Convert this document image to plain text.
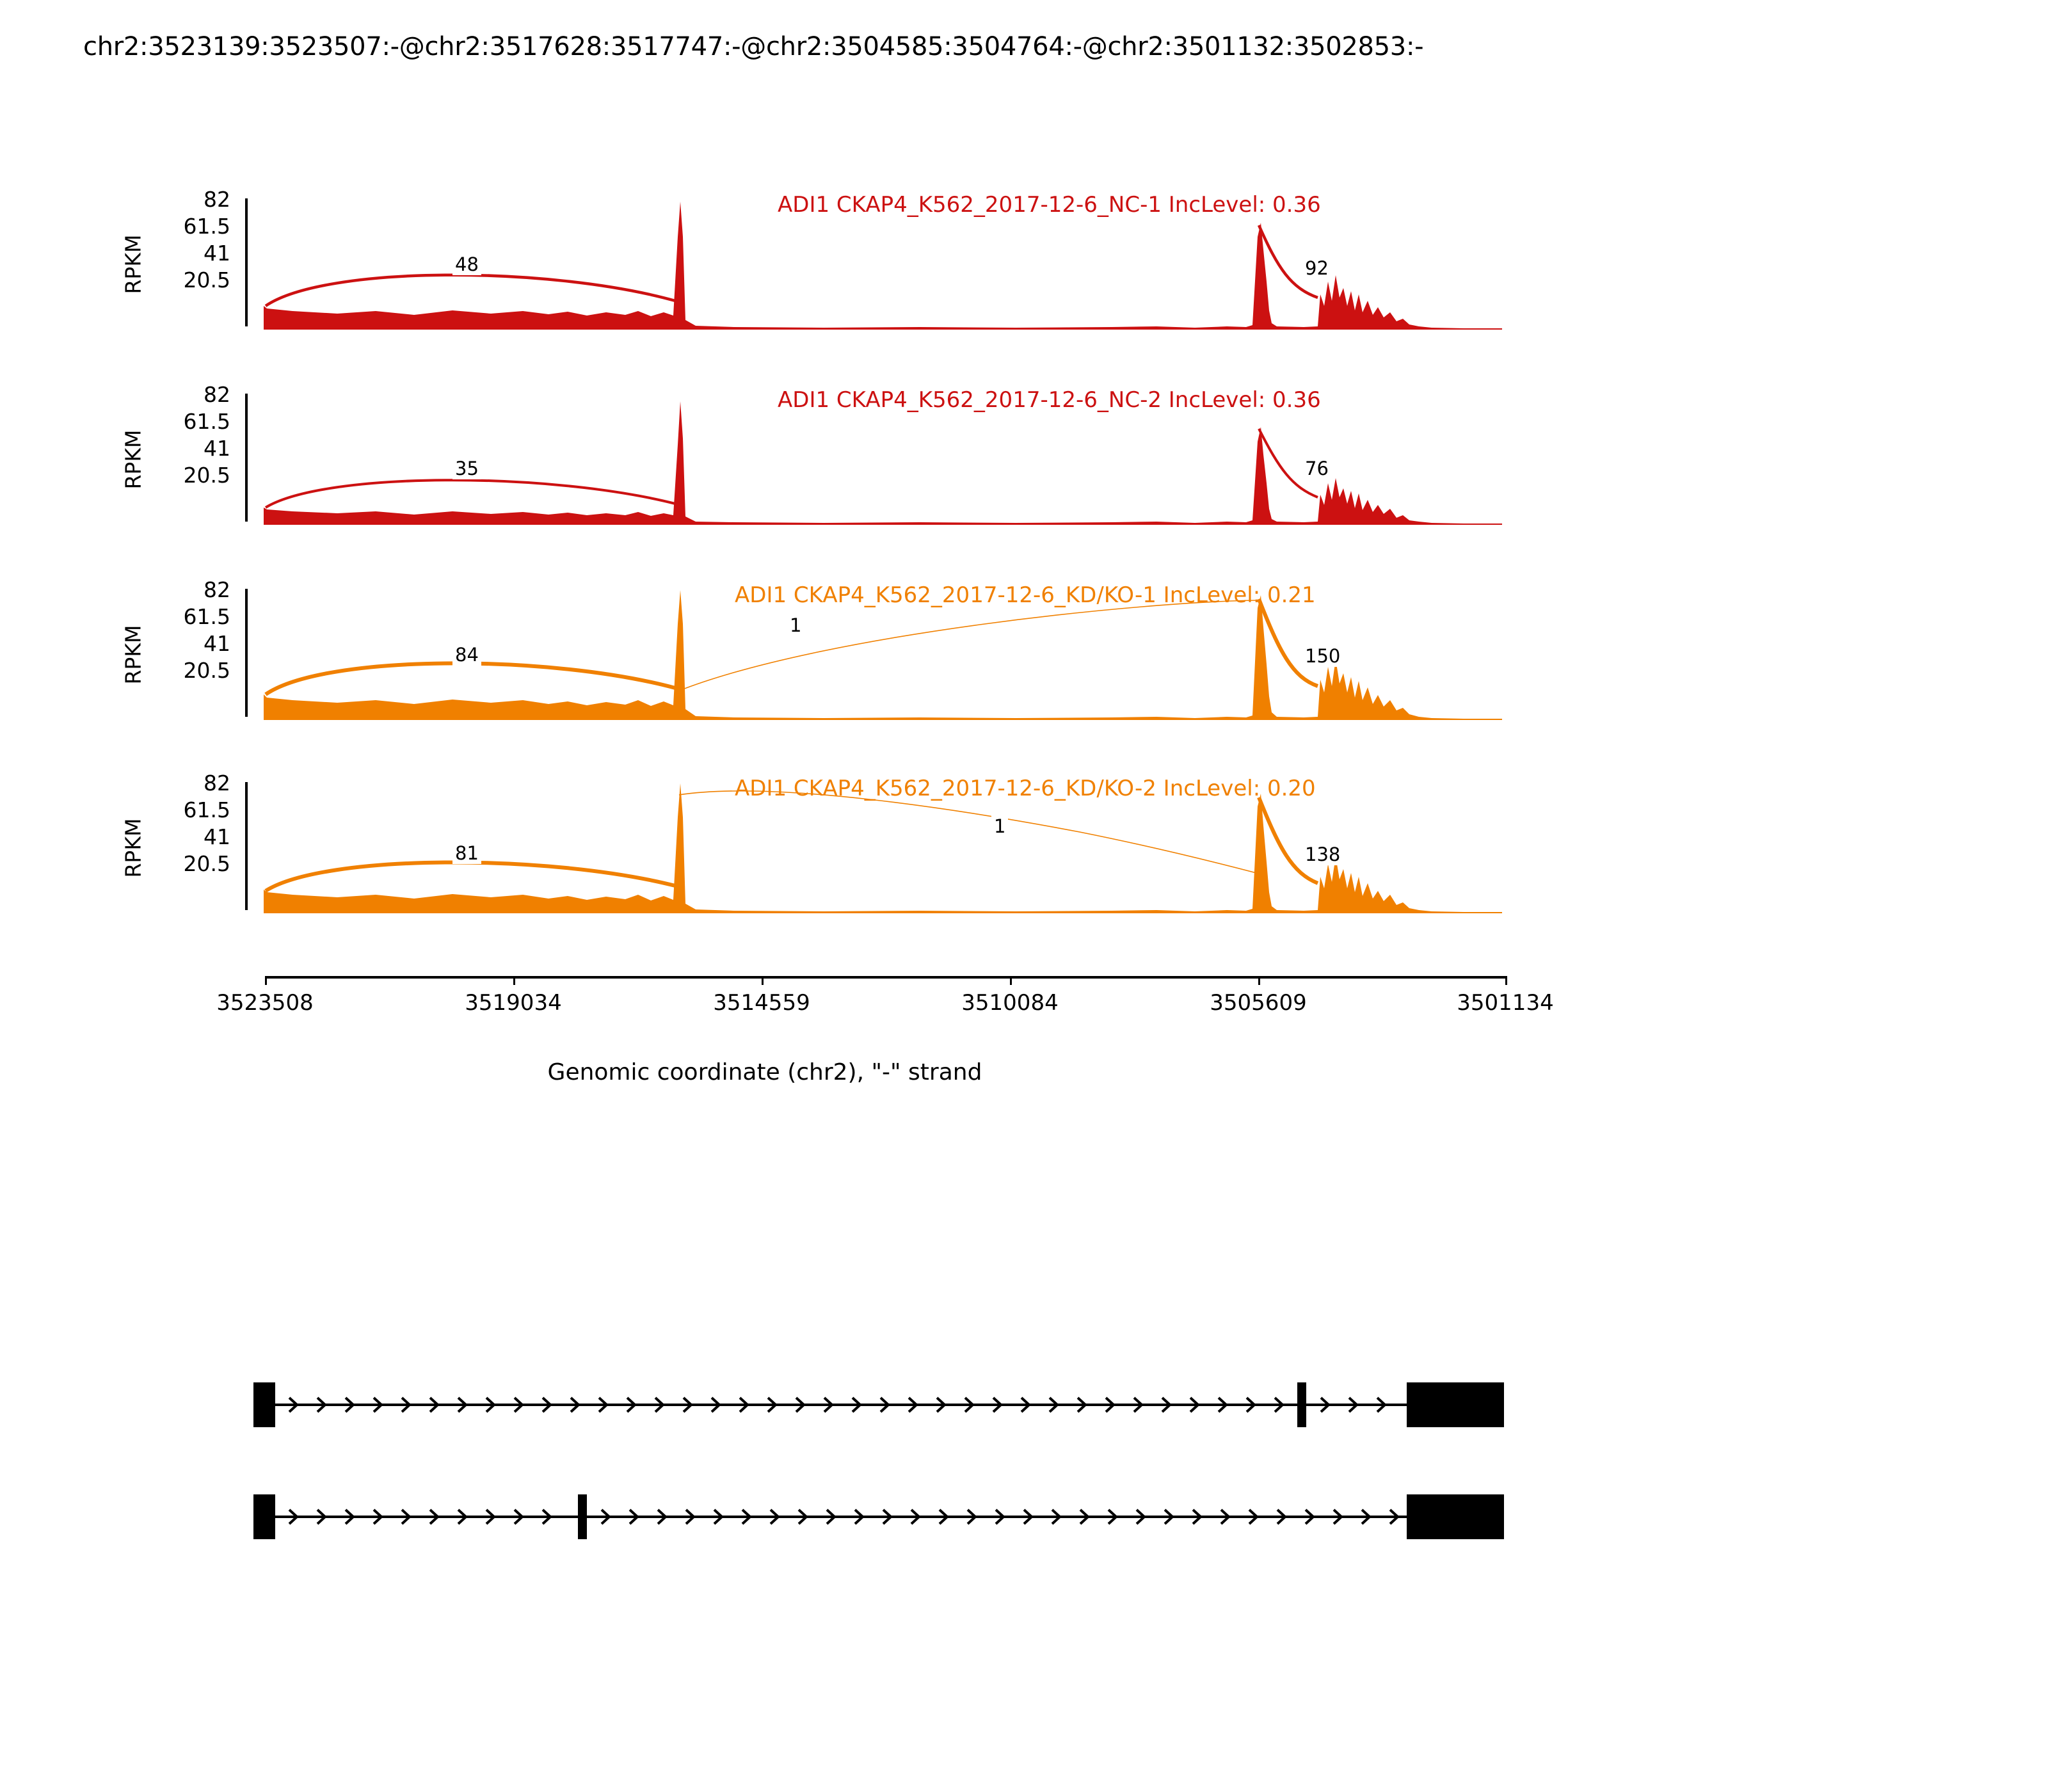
chr2:3523139:3523507:-@chr2:3517628:3517747:-@chr2:3504585:3504764:-@chr2:3501132:3502853:-
RPKM
82
61.5
41
20.5
48	92
ADI1 CKAP4_K562_2017-12-6_NC-1 IncLevel: 0.36
RPKM
82
61.5
41
20.5	35	76
ADI1 CKAP4_K562_2017-12-6_NC-2 IncLevel: 0.36
RPKM
82
61.5
41
20.5
84
1
150
ADI1 CKAP4_K562_2017-12-6_KD/KO-1 IncLevel: 0.21
RPKM
82
61.5
41
20.5	81
1
138
ADI1 CKAP4_K562_2017-12-6_KD/KO-2 IncLevel: 0.20
3523508	3519034	3514559	3510084	3505609	3501134
Genomic coordinate (chr2), "-" strand
